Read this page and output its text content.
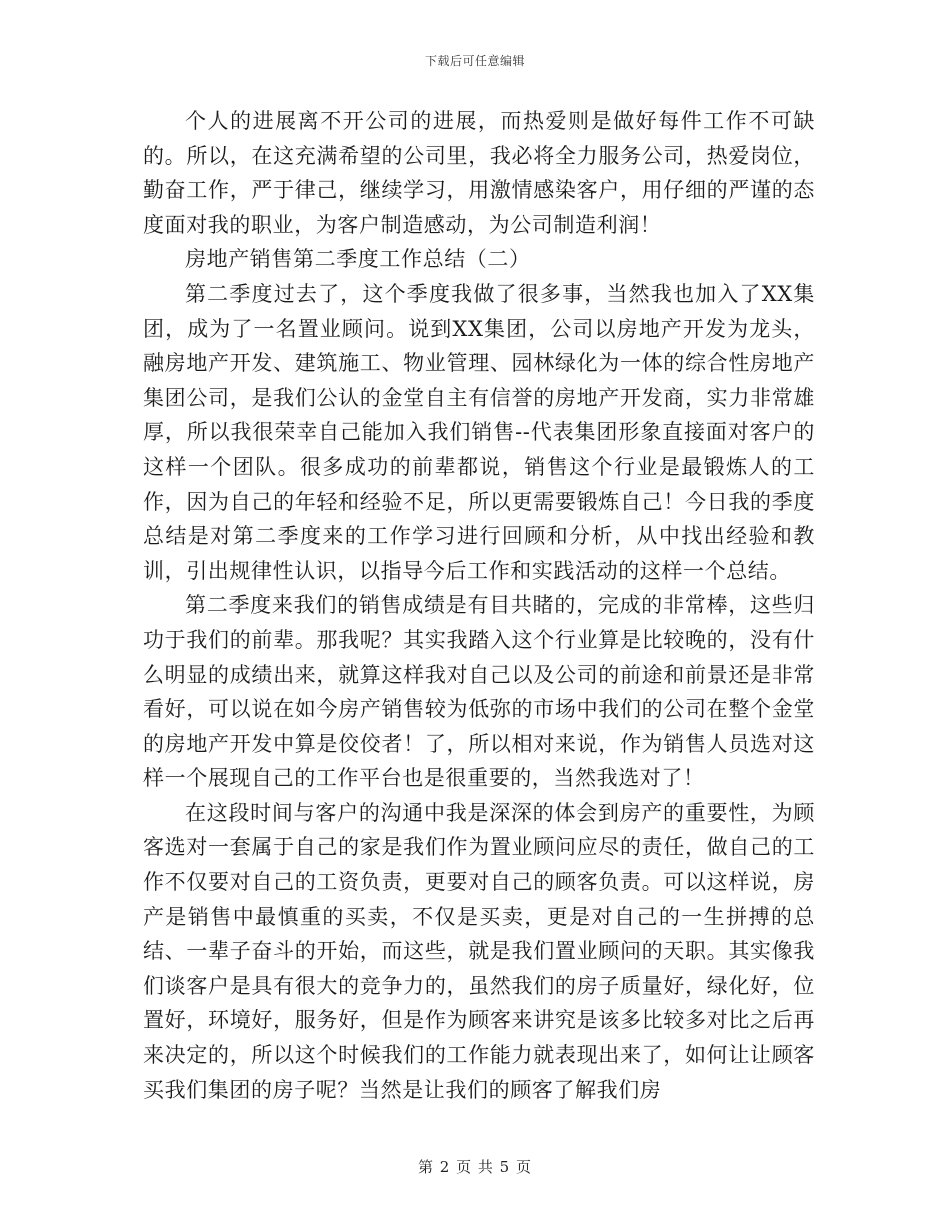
下载后可任意编辑

个人的进展离不开公司的进展，而热爱则是做好每件工作不可缺的。所以，在这充满希望的公司里，我必将全力服务公司，热爱岗位，勤奋工作，严于律己，继续学习，用激情感染客户，用仔细的严谨的态度面对我的职业，为客户制造感动，为公司制造利润！

房地产销售第二季度工作总结（二）

第二季度过去了，这个季度我做了很多事，当然我也加入了XX集团，成为了一名置业顾问。说到XX集团，公司以房地产开发为龙头，融房地产开发、建筑施工、物业管理、园林绿化为一体的综合性房地产集团公司，是我们公认的金堂自主有信誉的房地产开发商，实力非常雄厚，所以我很荣幸自己能加入我们销售--代表集团形象直接面对客户的这样一个团队。很多成功的前辈都说，销售这个行业是最锻炼人的工作，因为自己的年轻和经验不足，所以更需要锻炼自己！今日我的季度总结是对第二季度来的工作学习进行回顾和分析，从中找出经验和教训，引出规律性认识，以指导今后工作和实践活动的这样一个总结。

第二季度来我们的销售成绩是有目共睹的，完成的非常棒，这些归功于我们的前辈。那我呢？其实我踏入这个行业算是比较晚的，没有什么明显的成绩出来，就算这样我对自己以及公司的前途和前景还是非常看好，可以说在如今房产销售较为低弥的市场中我们的公司在整个金堂的房地产开发中算是佼佼者！了，所以相对来说，作为销售人员选对这样一个展现自己的工作平台也是很重要的，当然我选对了！

在这段时间与客户的沟通中我是深深的体会到房产的重要性，为顾客选对一套属于自己的家是我们作为置业顾问应尽的责任，做自己的工作不仅要对自己的工资负责，更要对自己的顾客负责。可以这样说，房产是销售中最慎重的买卖，不仅是买卖，更是对自己的一生拼搏的总结、一辈子奋斗的开始，而这些，就是我们置业顾问的天职。其实像我们谈客户是具有很大的竞争力的，虽然我们的房子质量好，绿化好，位置好，环境好，服务好，但是作为顾客来讲究是该多比较多对比之后再来决定的，所以这个时候我们的工作能力就表现出来了，如何让让顾客买我们集团的房子呢？当然是让我们的顾客了解我们房

第 2 页 共 5 页
